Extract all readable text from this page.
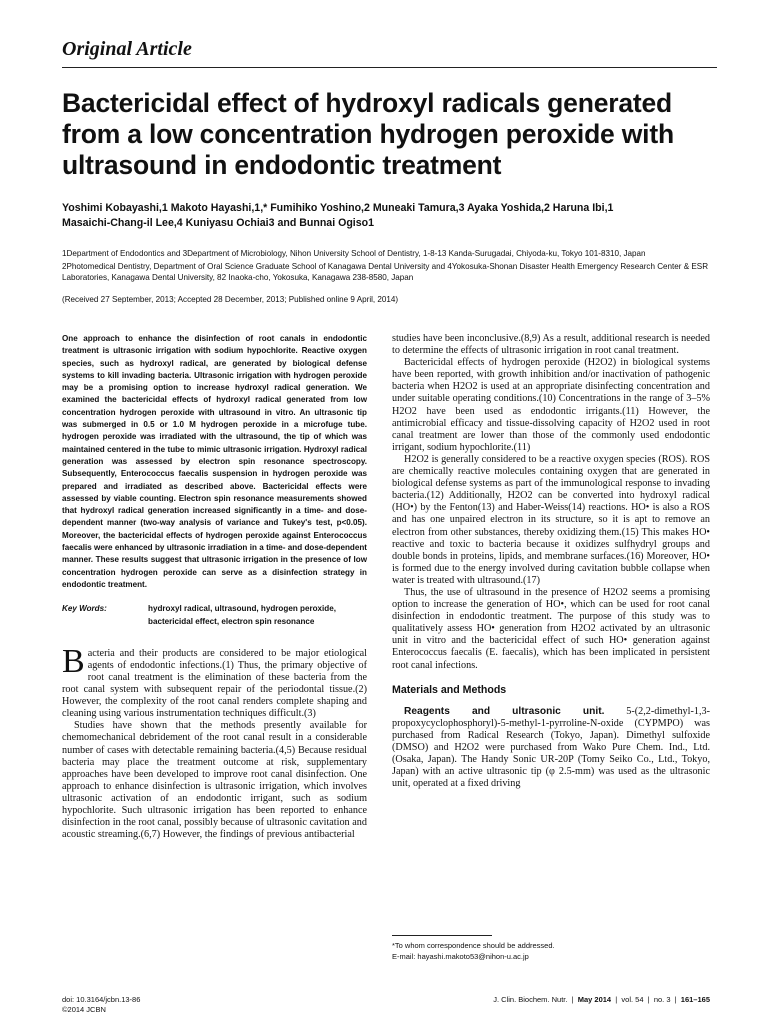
Original Article
Bactericidal effect of hydroxyl radicals generated from a low concentration hydrogen peroxide with ultrasound in endodontic treatment
Yoshimi Kobayashi,1 Makoto Hayashi,1,* Fumihiko Yoshino,2 Muneaki Tamura,3 Ayaka Yoshida,2 Haruna Ibi,1
Masaichi-Chang-il Lee,4 Kuniyasu Ochiai3 and Bunnai Ogiso1
1Department of Endodontics and 3Department of Microbiology, Nihon University School of Dentistry, 1-8-13 Kanda-Surugadai, Chiyoda-ku, Tokyo 101-8310, Japan
2Photomedical Dentistry, Department of Oral Science Graduate School of Kanagawa Dental University and 4Yokosuka-Shonan Disaster Health Emergency Research Center & ESR Laboratories, Kanagawa Dental University, 82 Inaoka-cho, Yokosuka, Kanagawa 238-8580, Japan
(Received 27 September, 2013; Accepted 28 December, 2013; Published online 9 April, 2014)

One approach to enhance the disinfection of root canals in endodontic treatment is ultrasonic irrigation with sodium hypochlorite. Reactive oxygen species, such as hydroxyl radical, are generated by biological defense systems to kill invading bacteria. Ultrasonic irrigation with hydrogen peroxide may be a promising option to increase hydroxyl radical generation. We examined the bactericidal effects of hydroxyl radical generated from low concentration hydrogen peroxide with ultrasound in vitro. An ultrasonic tip was submerged in 0.5 or 1.0 M hydrogen peroxide in a microfuge tube. hydrogen peroxide was irradiated with the ultrasound, the tip of which was maintained centered in the tube to mimic ultrasonic irrigation. Hydroxyl radical generation was assessed by electron spin resonance spectroscopy. Subsequently, Enterococcus faecalis suspension in hydrogen peroxide was prepared and irradiated as described above. Bactericidal effects were assessed by viable counting. Electron spin resonance measurements showed that hydroxyl radical generation increased significantly in a time- and dose-dependent manner (two-way analysis of variance and Tukey's test, p<0.05). Moreover, the bactericidal effects of hydrogen peroxide against Enterococcus faecalis were enhanced by ultrasonic irradiation in a time- and dose-dependent manner. These results suggest that ultrasonic irrigation in the presence of low concentration hydrogen peroxide can serve as a disinfection strategy in endodontic treatment.

Key Words:	hydroxyl radical, ultrasound, hydrogen peroxide, bactericidal effect, electron spin resonance

Bacteria and their products are considered to be major etiological agents of endodontic infections.(1) Thus, the primary objective of root canal treatment is the elimination of these bacteria from the root canal system with subsequent repair of the periodontal tissue.(2) However, the complexity of the root canal renders complete shaping and cleaning using various instrumentation techniques difficult.(3)

Studies have shown that the methods presently available for chemomechanical debridement of the root canal result in a considerable number of cases with detectable remaining bacteria.(4,5) Because residual bacteria may place the treatment outcome at risk, supplementary approaches have been developed to improve root canal disinfection. One approach to enhance disinfection is ultrasonic irrigation, which involves ultrasonic activation of an endodontic irrigant, such as sodium hypochlorite. Such ultrasonic irrigation has been reported to enhance disinfection in the root canal, possibly because of ultrasonic cavitation and acoustic streaming.(6,7) However, the findings of previous antibacterial

studies have been inconclusive.(8,9) As a result, additional research is needed to determine the effects of ultrasonic irrigation in root canal treatment.

Bactericidal effects of hydrogen peroxide (H2O2) in biological systems have been reported, with growth inhibition and/or inactivation of pathogenic bacteria when H2O2 is used at an appropriate disinfecting concentration and under suitable operating conditions.(10) Concentrations in the range of 3–5% H2O2 have been used as endodontic irrigants.(11) However, the antimicrobial efficacy and tissue-dissolving capacity of H2O2 used in root canal treatment are lower than those of the commonly used endodontic irrigant, sodium hypochlorite.(11)

H2O2 is generally considered to be a reactive oxygen species (ROS). ROS are chemically reactive molecules containing oxygen that are generated in biological defense systems as part of the immunological response to invading bacteria.(12) Additionally, H2O2 can be converted into hydroxyl radical (HO•) by the Fenton(13) and Haber-Weiss(14) reactions. HO• is also a ROS and has one unpaired electron in its structure, so it is apt to remove an electron from other substances, thereby oxidizing them.(15) This makes HO• reactive and toxic to bacteria because it oxidizes sulfhydryl groups and double bonds in proteins, lipids, and membrane surfaces.(16) Moreover, HO• is formed due to the energy involved during cavitation bubble collapse when water is treated with ultrasound.(17)

Thus, the use of ultrasound in the presence of H2O2 seems a promising option to increase the generation of HO•, which can be used for root canal disinfection in endodontic treatment. The purpose of this study was to qualitatively assess HO• generation from H2O2 activated by an ultrasonic unit in vitro and the bactericidal effect of such HO• generation against Enterococcus faecalis (E. faecalis), which has been implicated in persistent root canal infections.

Materials and Methods

Reagents and ultrasonic unit. 5-(2,2-dimethyl-1,3-propoxycyclophosphoryl)-5-methyl-1-pyrroline-N-oxide (CYPMPO) was purchased from Radical Research (Tokyo, Japan). Dimethyl sulfoxide (DMSO) and H2O2 were purchased from Wako Pure Chem. Ind., Ltd. (Osaka, Japan). The Handy Sonic UR-20P (Tomy Seiko Co., Ltd., Tokyo, Japan) with an active ultrasonic tip (φ 2.5-mm) was used as the ultrasonic unit, operated at a fixed driving

*To whom correspondence should be addressed.
E-mail: hayashi.makoto53@nihon-u.ac.jp
doi: 10.3164/jcbn.13-86
©2014 JCBN
J. Clin. Biochem. Nutr.  |  May 2014  |  vol. 54  |  no. 3  |  161–165
